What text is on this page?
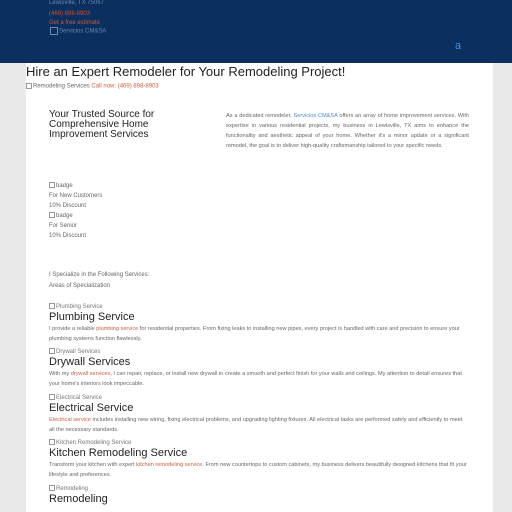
Lewisville, TX 75067
(469) 898-8903
Get a free estimate
Servicios CM&SA
a
Hire an Expert Remodeler for Your Remodeling Project!
Remodeling Services Call now: (469) 898-8903
Your Trusted Source for Comprehensive Home Improvement Services
As a dedicated remodeler, Servicios CM&SA offers an array of home improvement services. With expertise in various residential projects, my business in Lewisville, TX aims to enhance the functionality and aesthetic appeal of your home. Whether it's a minor update or a significant remodel, the goal is to deliver high-quality craftsmanship tailored to your specific needs.
badge
For New Customers
10% Discount
badge
For Senior
10% Discount
I Specialize in the Following Services:
Areas of Specialization
Plumbing Service
Plumbing Service
I provide a reliable plumbing service for residential properties. From fixing leaks to installing new pipes, every project is handled with care and precision to ensure your plumbing systems function flawlessly.
Drywall Services
Drywall Services
With my drywall services, I can repair, replace, or install new drywall to create a smooth and perfect finish for your walls and ceilings. My attention to detail ensures that your home's interiors look impeccable.
Electrical Service
Electrical Service
Electrical service includes installing new wiring, fixing electrical problems, and upgrading lighting fixtures. All electrical tasks are performed safely and efficiently to meet all the necessary standards.
Kitchen Remodeling Service
Kitchen Remodeling Service
Transform your kitchen with expert kitchen remodeling service. From new countertops to custom cabinets, my business delivers beautifully designed kitchens that fit your lifestyle and preferences.
Remodeling
Remodeling
